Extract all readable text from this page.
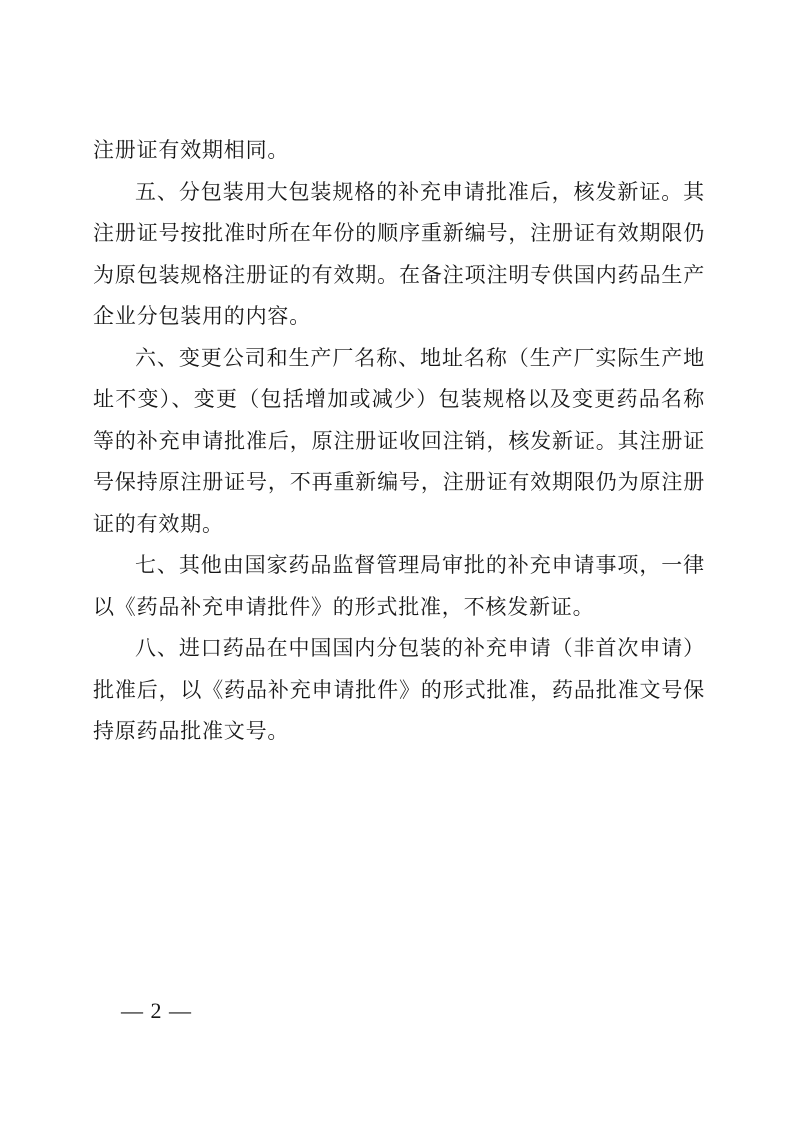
注册证有效期相同。

五、分包装用大包装规格的补充申请批准后，核发新证。其注册证号按批准时所在年份的顺序重新编号，注册证有效期限仍为原包装规格注册证的有效期。在备注项注明专供国内药品生产企业分包装用的内容。

六、变更公司和生产厂名称、地址名称（生产厂实际生产地址不变）、变更（包括增加或减少）包装规格以及变更药品名称等的补充申请批准后，原注册证收回注销，核发新证。其注册证号保持原注册证号，不再重新编号，注册证有效期限仍为原注册证的有效期。

七、其他由国家药品监督管理局审批的补充申请事项，一律以《药品补充申请批件》的形式批准，不核发新证。

八、进口药品在中国国内分包装的补充申请（非首次申请）批准后，以《药品补充申请批件》的形式批准，药品批准文号保持原药品批准文号。

— 2 —
